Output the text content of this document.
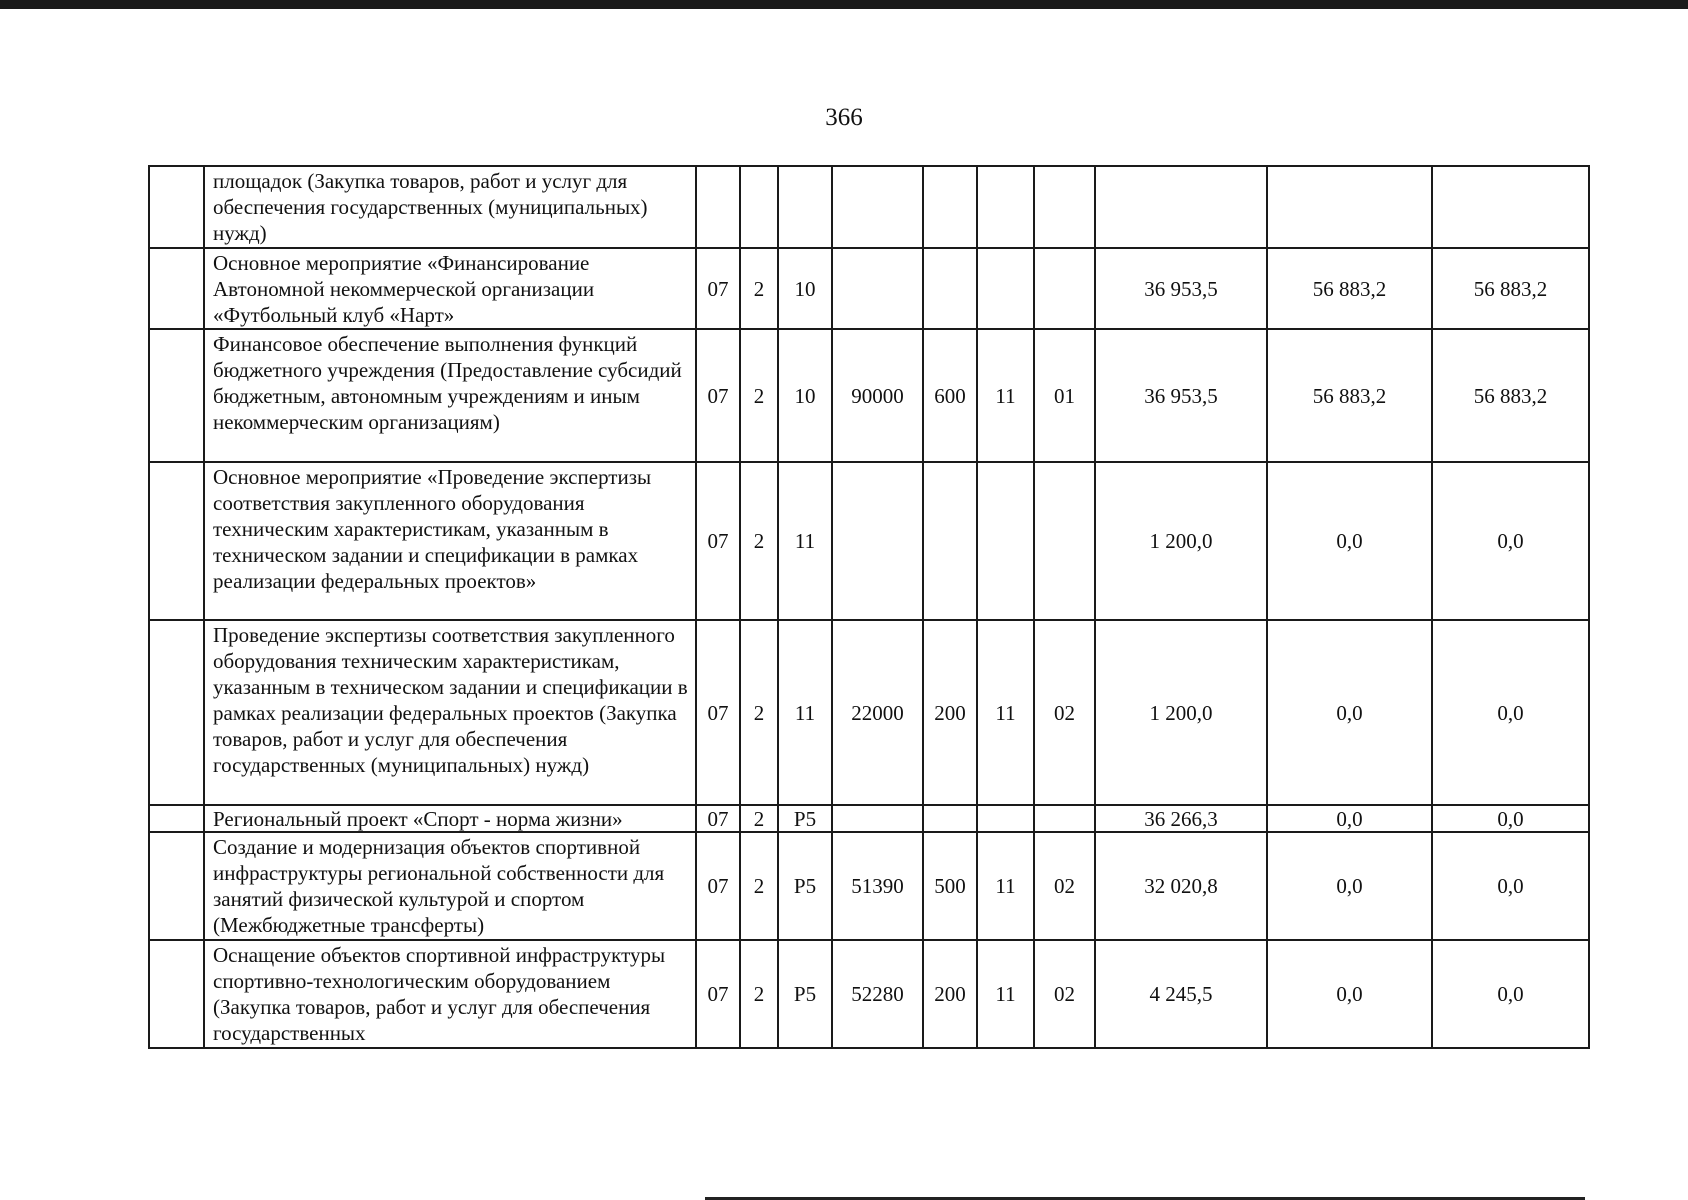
366
	площадок (Закупка товаров, работ и услуг для обеспечения государственных (муниципальных) нужд)										
	Основное мероприятие «Финансирование Автономной некоммерческой организации «Футбольный клуб «Нарт»	07	2	10					36 953,5	56 883,2	56 883,2
	Финансовое обеспечение выполнения функций бюджетного учреждения (Предоставление субсидий бюджетным, автономным учреждениям и иным некоммерческим организациям)	07	2	10	90000	600	11	01	36 953,5	56 883,2	56 883,2
	Основное мероприятие «Проведение экспертизы соответствия закупленного оборудования техническим характеристикам, указанным в техническом задании и спецификации в рамках реализации федеральных проектов»	07	2	11					1 200,0	0,0	0,0
	Проведение экспертизы соответствия закупленного оборудования техническим характеристикам, указанным в техническом задании и спецификации в рамках реализации федеральных проектов (Закупка товаров, работ и услуг для обеспечения государственных (муниципальных) нужд)	07	2	11	22000	200	11	02	1 200,0	0,0	0,0
	Региональный проект «Спорт - норма жизни»	07	2	P5					36 266,3	0,0	0,0
	Создание и модернизация объектов спортивной инфраструктуры региональной собственности для занятий физической культурой и спортом (Межбюджетные трансферты)	07	2	P5	51390	500	11	02	32 020,8	0,0	0,0
	Оснащение объектов спортивной инфраструктуры спортивно-технологическим оборудованием (Закупка товаров, работ и услуг для обеспечения государственных	07	2	P5	52280	200	11	02	4 245,5	0,0	0,0
